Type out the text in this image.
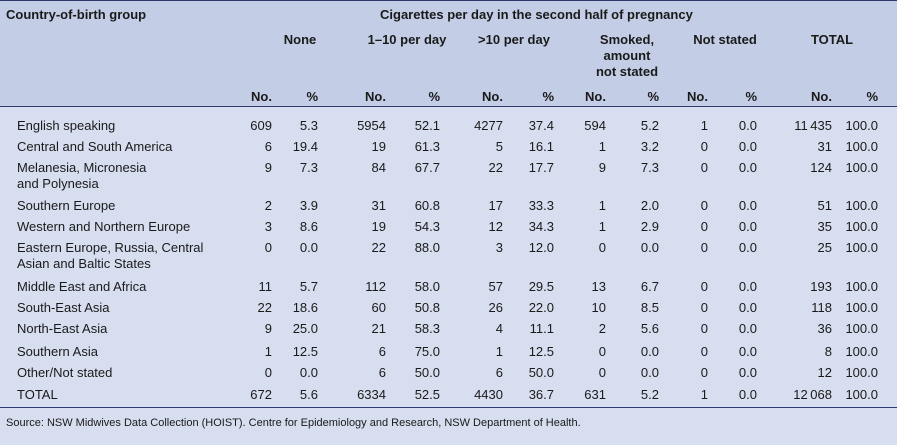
Country-of-birth group	Cigarettes per day in the second half of pregnancy
None	1–10 per day	>10 per day	Smoked,
amount
not stated
Not stated	TOTAL
No.	%	No.	%	No.	%	No.	%	No.	%	No.	%
English speaking	609	5.3	5954	52.1	4277	37.4	594	5.2	1	0.0	11 435	100.0
Central and South America	6	19.4	19	61.3	5	16.1	1	3.2	0	0.0	31	100.0
Melanesia, Micronesia
and Polynesia
9	7.3	84	67.7	22	17.7	9	7.3	0	0.0	124	100.0
Southern Europe	2	3.9	31	60.8	17	33.3	1	2.0	0	0.0	51	100.0
Western and Northern Europe	3	8.6	19	54.3	12	34.3	1	2.9	0	0.0	35	100.0
Eastern Europe, Russia, Central
Asian and Baltic States
0	0.0	22	88.0	3	12.0	0	0.0	0	0.0	25	100.0
Middle East and Africa	11	5.7	112	58.0	57	29.5	13	6.7	0	0.0	193	100.0
South-East Asia	22	18.6	60	50.8	26	22.0	10	8.5	0	0.0	118	100.0
North-East Asia	9	25.0	21	58.3	4	11.1	2	5.6	0	0.0	36	100.0
Southern Asia	1	12.5	6	75.0	1	12.5	0	0.0	0	0.0	8	100.0
Other/Not stated	0	0.0	6	50.0	6	50.0	0	0.0	0	0.0	12	100.0
TOTAL	672	5.6	6334	52.5	4430	36.7	631	5.2	1	0.0	12 068	100.0
Source: NSW Midwives Data Collection (HOIST). Centre for Epidemiology and Research, NSW Department of Health.
